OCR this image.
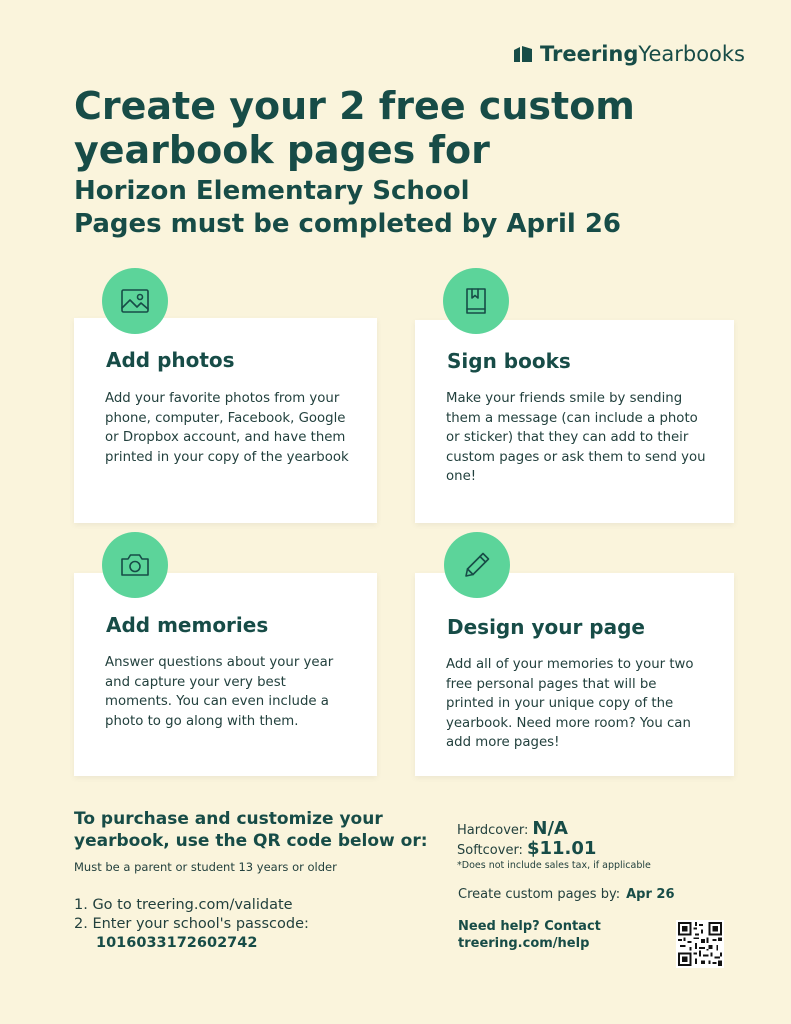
Treering Yearbooks
Create your 2 free custom yearbook pages for
Horizon Elementary School
Pages must be completed by April 26
Add photos

Add your favorite photos from your phone, computer, Facebook, Google or Dropbox account, and have them printed in your copy of the yearbook

Sign books

Make your friends smile by sending them a message (can include a photo or sticker) that they can add to their custom pages or ask them to send you one!

Add memories

Answer questions about your year and capture your very best moments. You can even include a photo to go along with them.

Design your page

Add all of your memories to your two free personal pages that will be printed in your unique copy of the yearbook. Need more room? You can add more pages!

To purchase and customize your yearbook, use the QR code below or:
Must be a parent or student 13 years or older
1. Go to treering.com/validate
2. Enter your school's passcode:
1016033172602742
Hardcover: N/A
Softcover: $11.01
*Does not include sales tax, if applicable
Create custom pages by: Apr 26
Need help? Contact
treering.com/help
